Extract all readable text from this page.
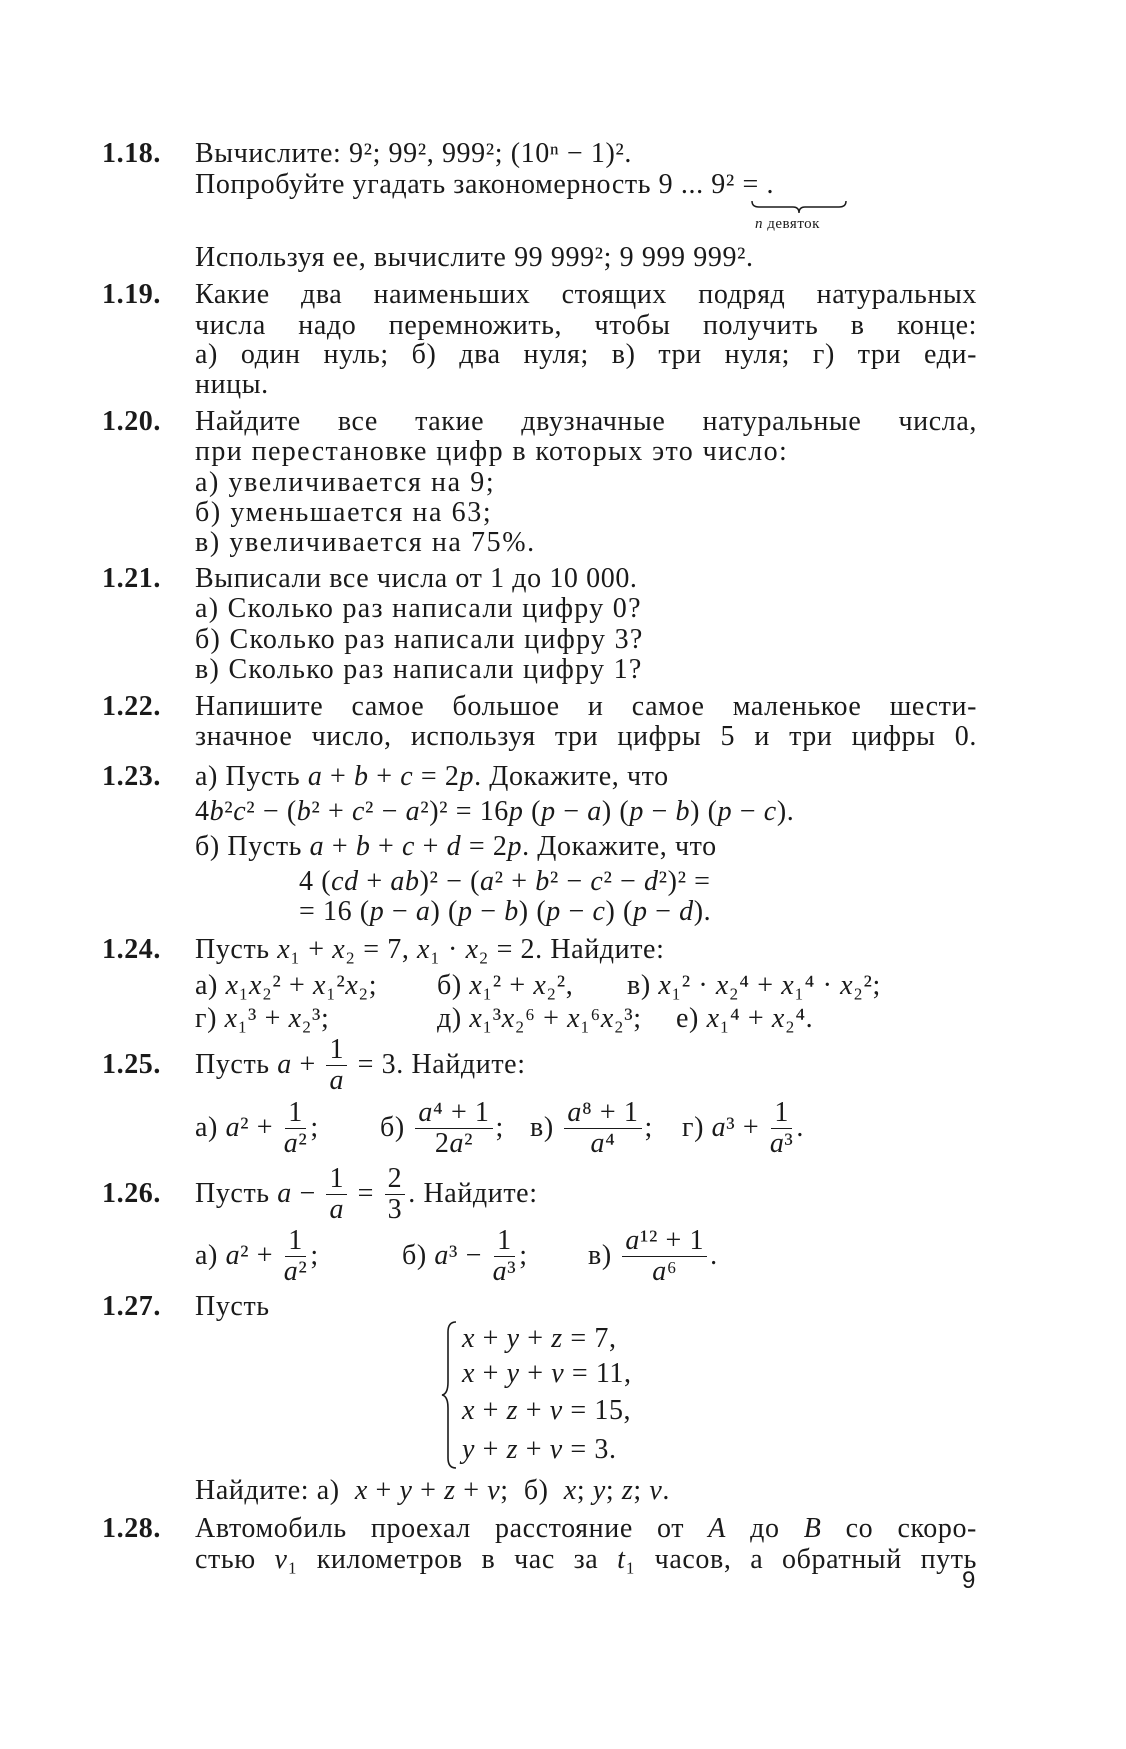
1.18. Вычислите: 9²; 99², 999²; (10ⁿ − 1)².
Попробуйте угадать закономерность 9 ... 9² = .
n девяток
Используя ее, вычислите 99 999²; 9 999 999².
1.19. Какие два наименьших стоящих подряд натуральных
числа надо перемножить, чтобы получить в конце:
а) один нуль; б) два нуля; в) три нуля; г) три еди-
ницы.
1.20. Найдите все такие двузначные натуральные числа,
при перестановке цифр в которых это число:
а) увеличивается на 9;
б) уменьшается на 63;
в) увеличивается на 75%.
1.21. Выписали все числа от 1 до 10 000.
а) Сколько раз написали цифру 0?
б) Сколько раз написали цифру 3?
в) Сколько раз написали цифру 1?
1.22. Напишите самое большое и самое маленькое шести-
значное число, используя три цифры 5 и три цифры 0.
1.23. а) Пусть a + b + c = 2p. Докажите, что
4b²c² − (b² + c² − a²)² = 16p (p − a) (p − b) (p − c).
б) Пусть a + b + c + d = 2p. Докажите, что
4 (cd + ab)² − (a² + b² − c² − d²)² =
= 16 (p − a) (p − b) (p − c) (p − d).
1.24. Пусть x₁ + x₂ = 7, x₁ · x₂ = 2. Найдите:
а) x₁x₂² + x₁²x₂; б) x₁² + x₂², в) x₁² · x₂⁴ + x₁⁴ · x₂²;
г) x₁³ + x₂³;	д) x₁³x₂⁶ + x₁⁶x₂³; е) x₁⁴ + x₂⁴.
1.25. Пусть $a + \frac{1}{a} = 3$. Найдите:
а) $a^2 + \frac{1}{\text{a²}}$ ; $б) \frac{\text{a⁴ + 1}}{\text{2a²}}$ ; $в) \frac{\text{a⁸ + 1}}{\text{a⁴}}$ ; г) $a^3 + \frac{1}{\text{a³}}$ .
1.26. Пусть $a - \frac{1}{a} = \frac{2}{3}$ . Найдите:
а) $a^2 + \frac{1}{\text{a²}}$ ;	б) $a^3 - \frac{1}{\text{a³}}$ ; $в) \frac{\text{a¹² + 1}}{\text{a⁶}}$ .
1.27. Пусть
x + y + z = 7,
x + y + v = 11,
x + z + v = 15,
y + z + v = 3.
Найдите: а)  x + y + z + v;  б)  x; y; z; v.
1.28. Автомобиль проехал расстояние от A до B со скоро-
стью v₁ километров в час за t₁ часов, а обратный путь
9
